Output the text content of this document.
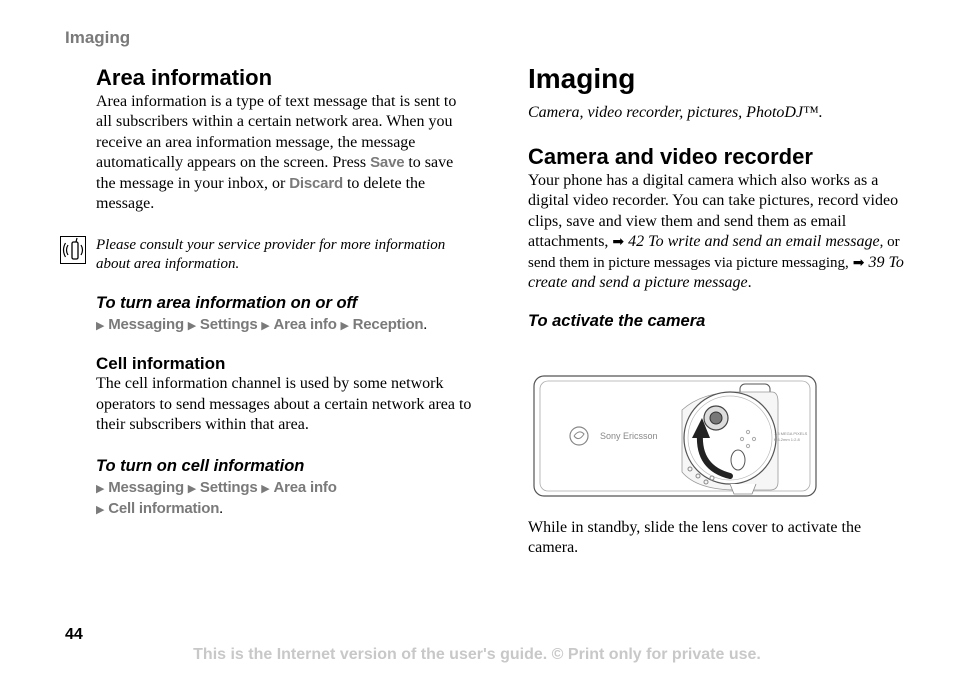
Imaging
Area information

Area information is a type of text message that is sent to all subscribers within a certain network area. When you receive an area information message, the message automatically appears on the screen. Press Save to save the message in your inbox, or Discard to delete the message.

Please consult your service provider for more information about area information.
To turn area information on or off
▶ Messaging ▶ Settings ▶ Area info ▶ Reception.
Cell information

The cell information channel is used by some network operators to send messages about a certain network area to their subscribers within that area.

To turn on cell information
▶ Messaging ▶ Settings ▶ Area info
▶ Cell information.
Imaging
Camera, video recorder, pictures, PhotoDJ™.
Camera and video recorder

Your phone has a digital camera which also works as a digital video recorder. You can take pictures, record video clips, save and view them and send them as email attachments, ➡ 42 To write and send an email message, or send them in picture messages via picture messaging, ➡ 39 To create and send a picture message.

To activate the camera
1.3 MEGA PIXELS
f=4.2mm 1:2.8
Sony Ericsson

While in standby, slide the lens cover to activate the camera.

44
This is the Internet version of the user's guide. © Print only for private use.
